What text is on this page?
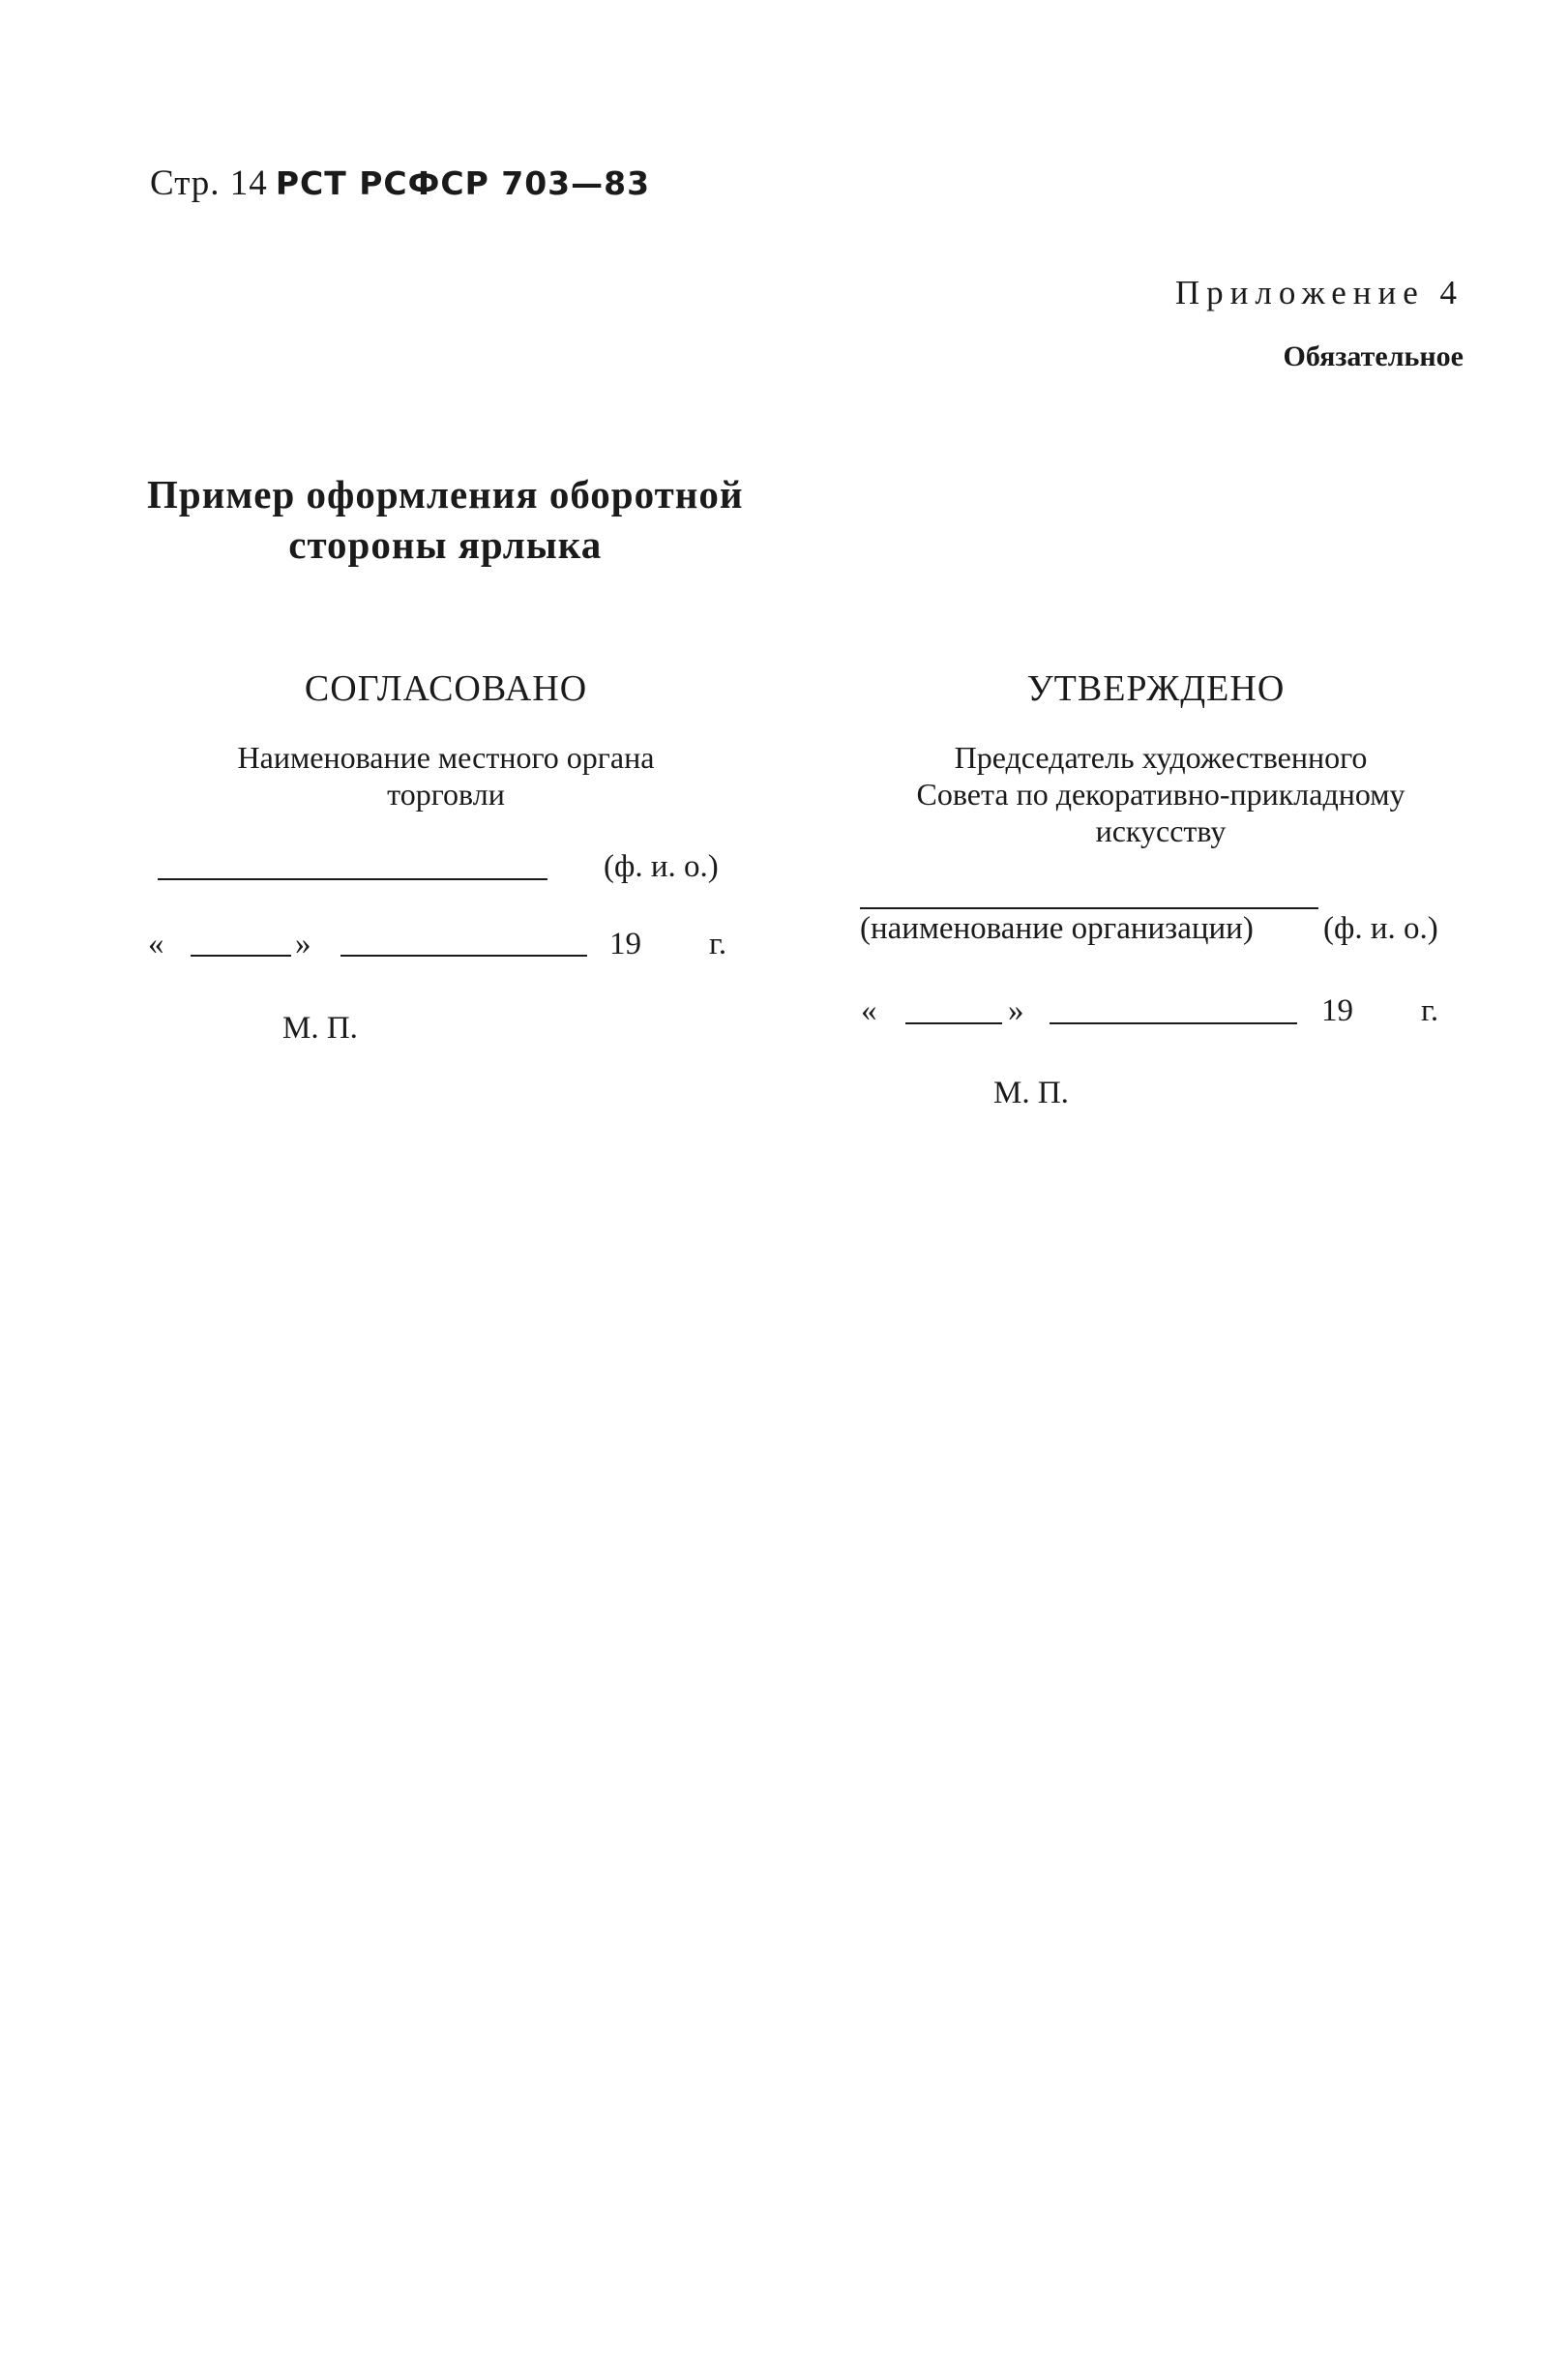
Стр. 14 РСТ РСФСР 703—83
Приложение 4
Обязательное
Пример оформления оборотной
стороны ярлыка
СОГЛАСОВАНО
Наименование местного органа
торговли
(ф. и. о.)
«	»	19 г.
М. П.
УТВЕРЖДЕНО
Председатель художественного
Совета по декоративно-прикладному
искусству
(наименование организации) (ф. и. о.)
«	»	19 г.
М. П.
